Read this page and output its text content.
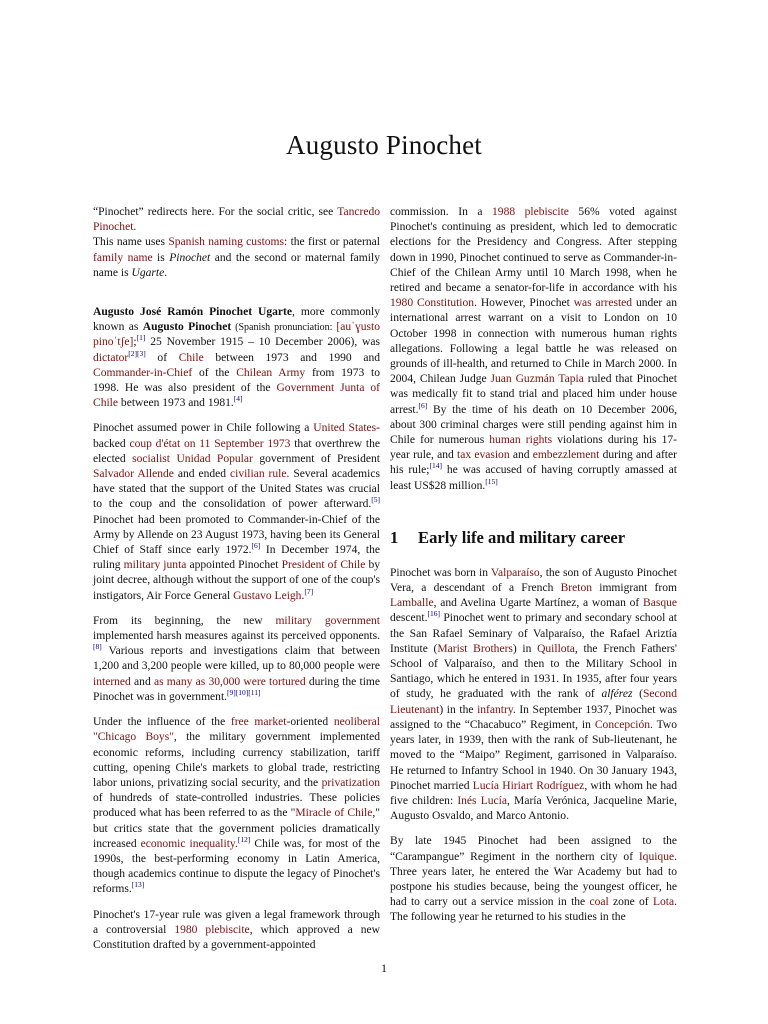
Augusto Pinochet

“Pinochet” redirects here. For the social critic, see Tancredo Pinochet.

This name uses Spanish naming customs: the first or paternal family name is Pinochet and the second or maternal family name is Ugarte.

Augusto José Ramón Pinochet Ugarte, more commonly known as Augusto Pinochet (Spanish pronunciation: [auˈɣusto pinoˈtʃe];[1] 25 November 1915 – 10 December 2006), was dictator[2][3] of Chile between 1973 and 1990 and Commander-in-Chief of the Chilean Army from 1973 to 1998. He was also president of the Government Junta of Chile between 1973 and 1981.[4]

Pinochet assumed power in Chile following a United States-backed coup d'état on 11 September 1973 that overthrew the elected socialist Unidad Popular government of President Salvador Allende and ended civilian rule. Several academics have stated that the support of the United States was crucial to the coup and the consolidation of power afterward.[5] Pinochet had been promoted to Commander-in-Chief of the Army by Allende on 23 August 1973, having been its General Chief of Staff since early 1972.[6] In December 1974, the ruling military junta appointed Pinochet President of Chile by joint decree, although without the support of one of the coup's instigators, Air Force General Gustavo Leigh.[7]

From its beginning, the new military government implemented harsh measures against its perceived opponents.[8] Various reports and investigations claim that between 1,200 and 3,200 people were killed, up to 80,000 people were interned and as many as 30,000 were tortured during the time Pinochet was in government.[9][10][11]

Under the influence of the free market-oriented neoliberal "Chicago Boys", the military government implemented economic reforms, including currency stabilization, tariff cutting, opening Chile's markets to global trade, restricting labor unions, privatizing social security, and the privatization of hundreds of state-controlled industries. These policies produced what has been referred to as the "Miracle of Chile," but critics state that the government policies dramatically increased economic inequality.[12] Chile was, for most of the 1990s, the best-performing economy in Latin America, though academics continue to dispute the legacy of Pinochet's reforms.[13]

Pinochet's 17-year rule was given a legal framework through a controversial 1980 plebiscite, which approved a new Constitution drafted by a government-appointed

commission. In a 1988 plebiscite 56% voted against Pinochet's continuing as president, which led to democratic elections for the Presidency and Congress. After stepping down in 1990, Pinochet continued to serve as Commander-in-Chief of the Chilean Army until 10 March 1998, when he retired and became a senator-for-life in accordance with his 1980 Constitution. However, Pinochet was arrested under an international arrest warrant on a visit to London on 10 October 1998 in connection with numerous human rights allegations. Following a legal battle he was released on grounds of ill-health, and returned to Chile in March 2000. In 2004, Chilean Judge Juan Guzmán Tapia ruled that Pinochet was medically fit to stand trial and placed him under house arrest.[6] By the time of his death on 10 December 2006, about 300 criminal charges were still pending against him in Chile for numerous human rights violations during his 17-year rule, and tax evasion and embezzlement during and after his rule;[14] he was accused of having corruptly amassed at least US$28 million.[15]

1 Early life and military career

Pinochet was born in Valparaíso, the son of Augusto Pinochet Vera, a descendant of a French Breton immigrant from Lamballe, and Avelina Ugarte Martínez, a woman of Basque descent.[16] Pinochet went to primary and secondary school at the San Rafael Seminary of Valparaíso, the Rafael Ariztía Institute (Marist Brothers) in Quillota, the French Fathers' School of Valparaíso, and then to the Military School in Santiago, which he entered in 1931. In 1935, after four years of study, he graduated with the rank of alférez (Second Lieutenant) in the infantry. In September 1937, Pinochet was assigned to the “Chacabuco” Regiment, in Concepción. Two years later, in 1939, then with the rank of Sub-lieutenant, he moved to the “Maipo” Regiment, garrisoned in Valparaíso. He returned to Infantry School in 1940. On 30 January 1943, Pinochet married Lucía Hiriart Rodríguez, with whom he had five children: Inés Lucía, María Verónica, Jacqueline Marie, Augusto Osvaldo, and Marco Antonio.

By late 1945 Pinochet had been assigned to the “Carampangue” Regiment in the northern city of Iquique. Three years later, he entered the War Academy but had to postpone his studies because, being the youngest officer, he had to carry out a service mission in the coal zone of Lota. The following year he returned to his studies in the

1
